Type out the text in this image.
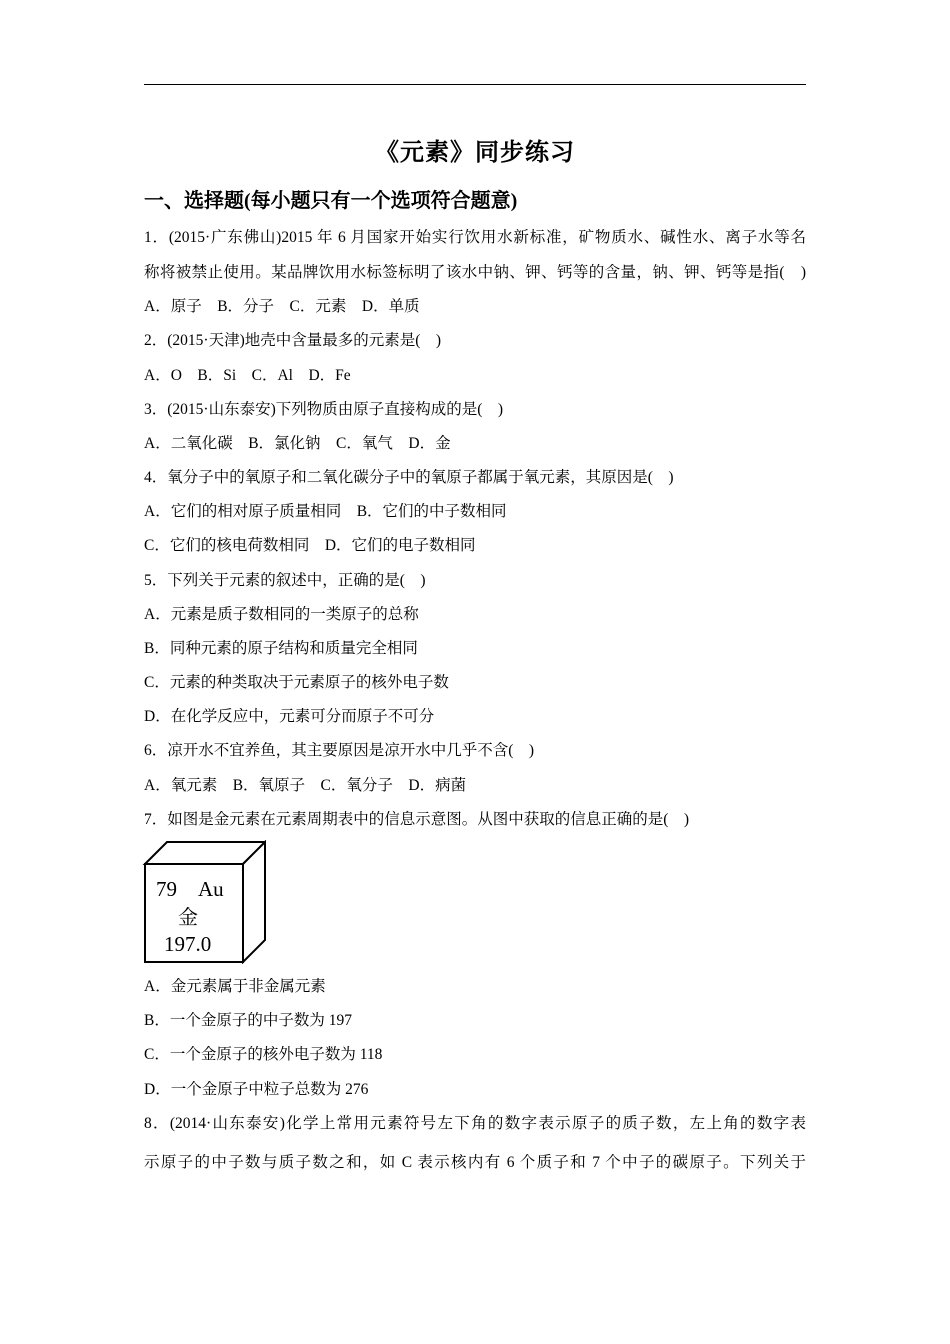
《元素》同步练习
一、选择题(每小题只有一个选项符合题意)
1．(2015·广东佛山)2015 年 6 月国家开始实行饮用水新标准，矿物质水、碱性水、离子水等名
称将被禁止使用。某品牌饮用水标签标明了该水中钠、钾、钙等的含量，钠、钾、钙等是指(　)
A．原子　B．分子　C．元素　D．单质
2．(2015·天津)地壳中含量最多的元素是(　)
A．O　B．Si　C．Al　D．Fe
3．(2015·山东泰安)下列物质由原子直接构成的是(　)
A．二氧化碳　B．氯化钠　C．氧气　D．金
4．氧分子中的氧原子和二氧化碳分子中的氧原子都属于氧元素，其原因是(　)
A．它们的相对原子质量相同　B．它们的中子数相同
C．它们的核电荷数相同　D．它们的电子数相同
5．下列关于元素的叙述中，正确的是(　)
A．元素是质子数相同的一类原子的总称
B．同种元素的原子结构和质量完全相同
C．元素的种类取决于元素原子的核外电子数
D．在化学反应中，元素可分而原子不可分
6．凉开水不宜养鱼，其主要原因是凉开水中几乎不含(　)
A．氧元素　B．氧原子　C．氧分子　D．病菌
7．如图是金元素在元素周期表中的信息示意图。从图中获取的信息正确的是(　)
79 Au
金
197.0
A．金元素属于非金属元素
B．一个金原子的中子数为 197
C．一个金原子的核外电子数为 118
D．一个金原子中粒子总数为 276
8．(2014·山东泰安)化学上常用元素符号左下角的数字表示原子的质子数，左上角的数字表
示原子的中子数与质子数之和，如 C 表示核内有 6 个质子和 7 个中子的碳原子。下列关于
